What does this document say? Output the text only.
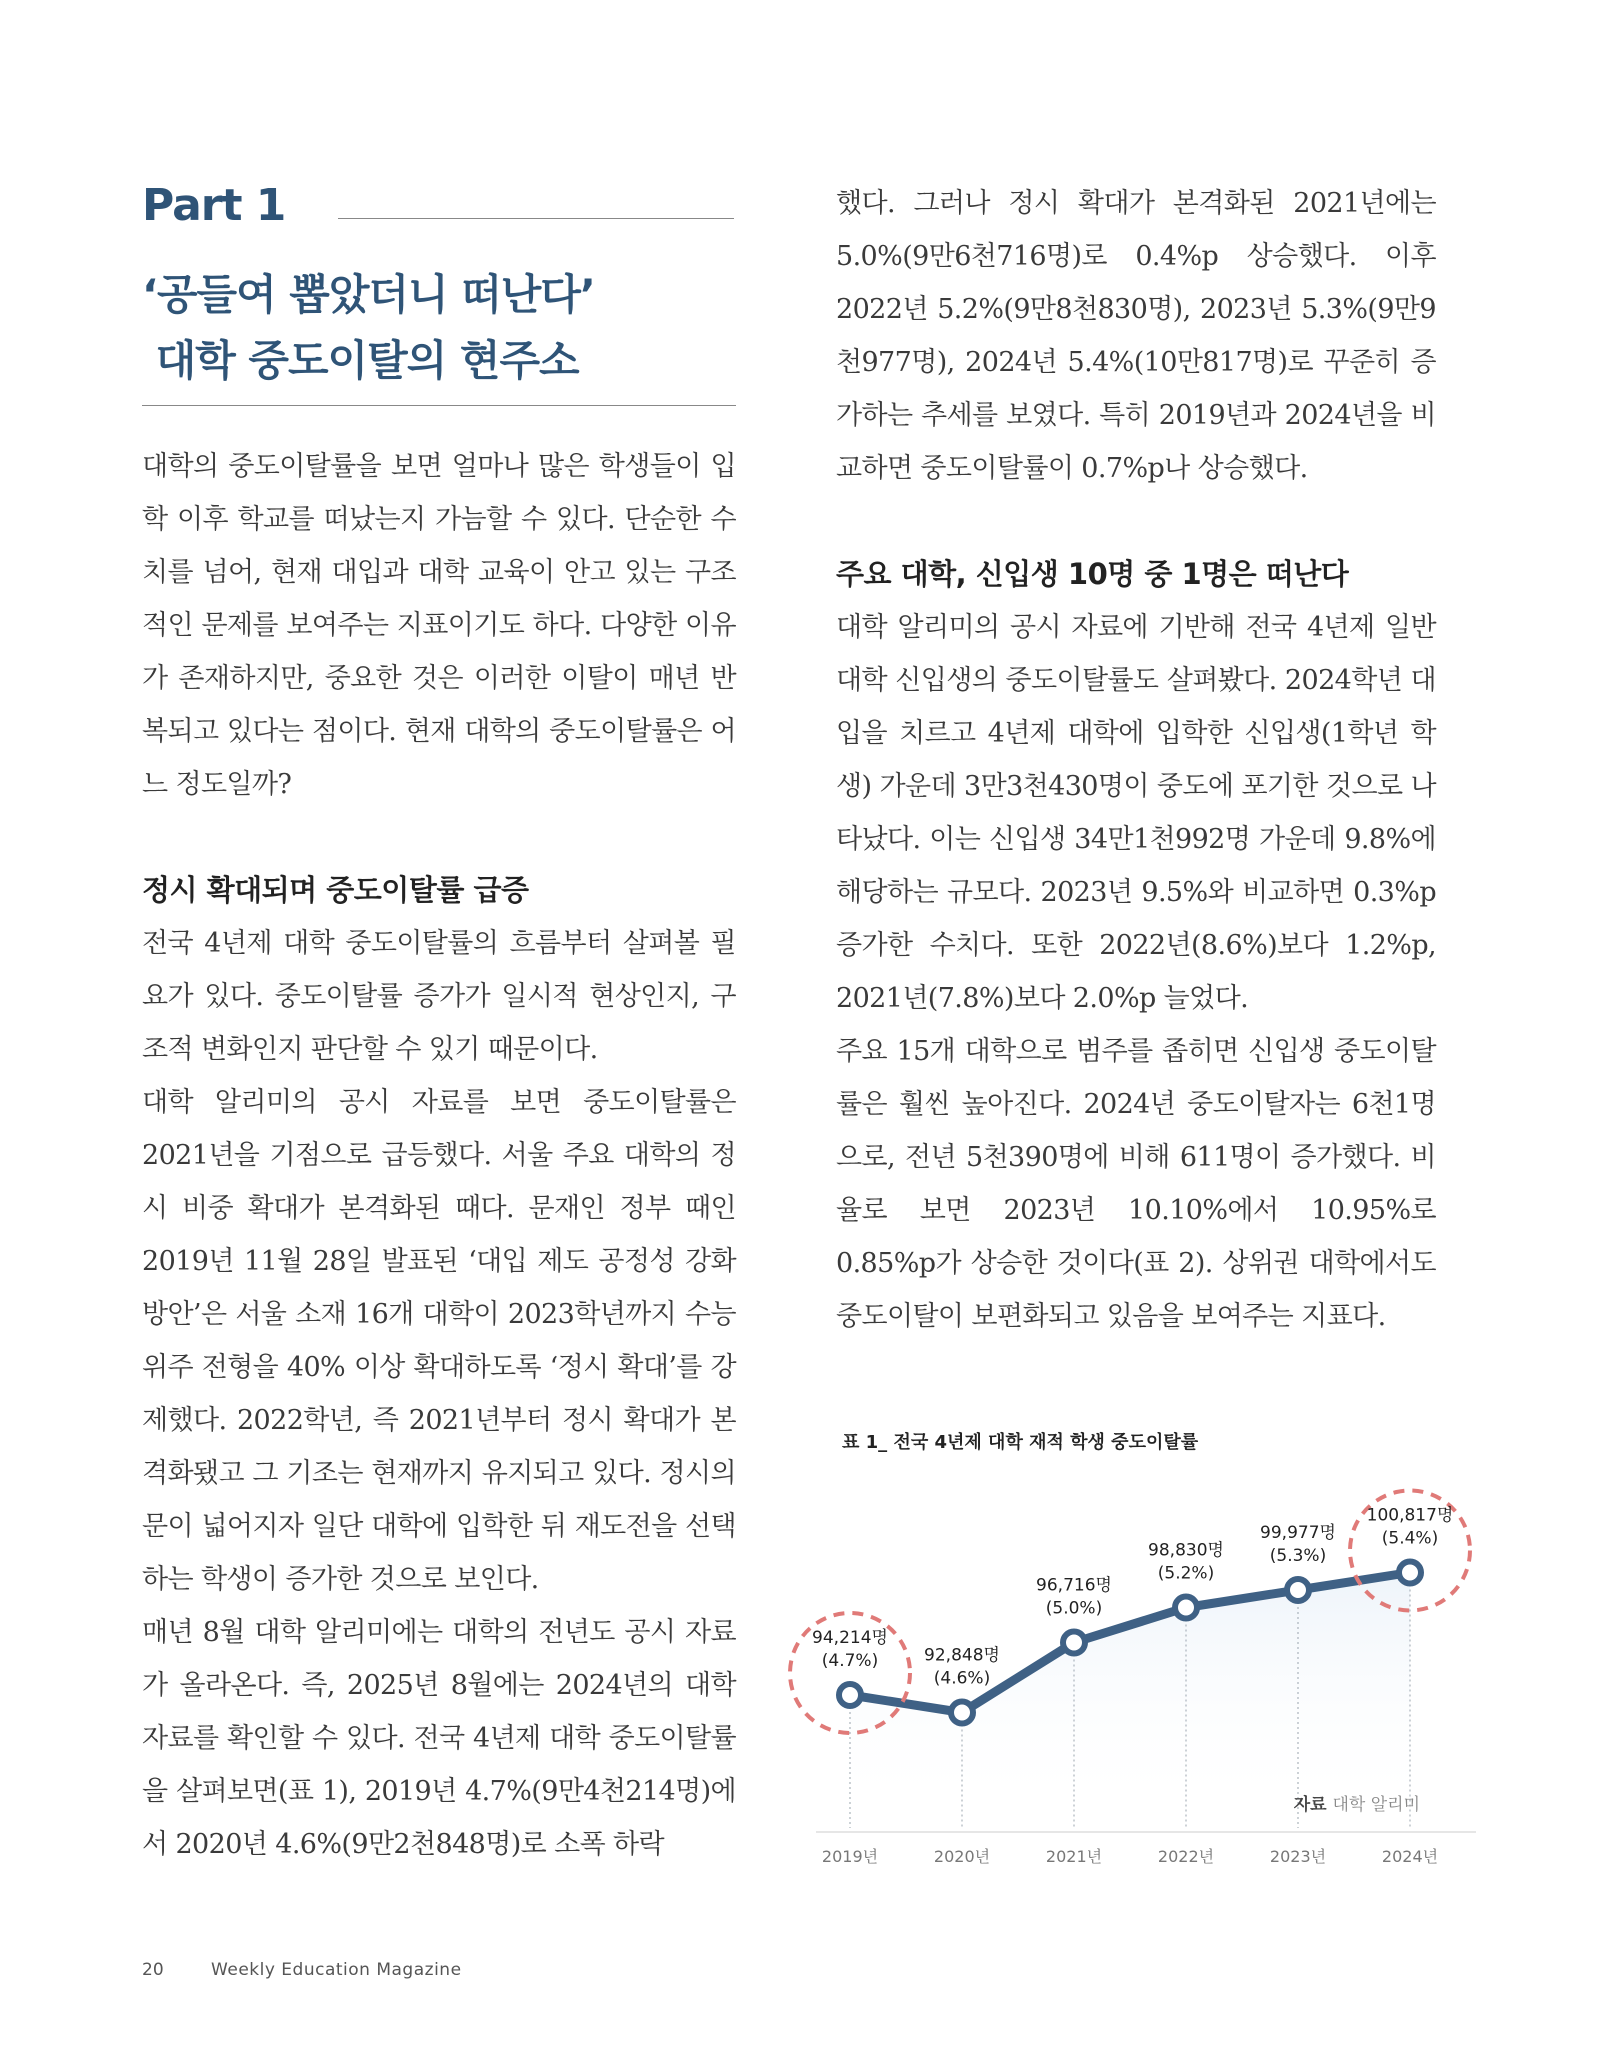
Part 1
‘공들여 뽑았더니 떠난다’
대학 중도이탈의 현주소

대학의 중도이탈률을 보면 얼마나 많은 학생들이 입학 이후 학교를 떠났는지 가늠할 수 있다. 단순한 수치를 넘어, 현재 대입과 대학 교육이 안고 있는 구조적인 문제를 보여주는 지표이기도 하다. 다양한 이유가 존재하지만, 중요한 것은 이러한 이탈이 매년 반복되고 있다는 점이다. 현재 대학의 중도이탈률은 어느 정도일까?

정시 확대되며 중도이탈률 급증

전국 4년제 대학 중도이탈률의 흐름부터 살펴볼 필요가 있다. 중도이탈률 증가가 일시적 현상인지, 구조적 변화인지 판단할 수 있기 때문이다.

대학 알리미의 공시 자료를 보면 중도이탈률은 2021년을 기점으로 급등했다. 서울 주요 대학의 정시 비중 확대가 본격화된 때다. 문재인 정부 때인 2019년 11월 28일 발표된 ‘대입 제도 공정성 강화 방안’은 서울 소재 16개 대학이 2023학년까지 수능 위주 전형을 40% 이상 확대하도록 ‘정시 확대’를 강제했다. 2022학년, 즉 2021년부터 정시 확대가 본격화됐고 그 기조는 현재까지 유지되고 있다. 정시의 문이 넓어지자 일단 대학에 입학한 뒤 재도전을 선택하는 학생이 증가한 것으로 보인다.

매년 8월 대학 알리미에는 대학의 전년도 공시 자료가 올라온다. 즉, 2025년 8월에는 2024년의 대학 자료를 확인할 수 있다. 전국 4년제 대학 중도이탈률을 살펴보면(표 1), 2019년 4.7%(9만4천214명)에서 2020년 4.6%(9만2천848명)로 소폭 하락

했다. 그러나 정시 확대가 본격화된 2021년에는 5.0%(9만6천716명)로 0.4%p 상승했다. 이후 2022년 5.2%(9만8천830명), 2023년 5.3%(9만9천977명), 2024년 5.4%(10만817명)로 꾸준히 증가하는 추세를 보였다. 특히 2019년과 2024년을 비교하면 중도이탈률이 0.7%p나 상승했다.

주요 대학, 신입생 10명 중 1명은 떠난다

대학 알리미의 공시 자료에 기반해 전국 4년제 일반대학 신입생의 중도이탈률도 살펴봤다. 2024학년 대입을 치르고 4년제 대학에 입학한 신입생(1학년 학생) 가운데 3만3천430명이 중도에 포기한 것으로 나타났다. 이는 신입생 34만1천992명 가운데 9.8%에 해당하는 규모다. 2023년 9.5%와 비교하면 0.3%p 증가한 수치다. 또한 2022년(8.6%)보다 1.2%p, 2021년(7.8%)보다 2.0%p 늘었다.

주요 15개 대학으로 범주를 좁히면 신입생 중도이탈률은 훨씬 높아진다. 2024년 중도이탈자는 6천1명으로, 전년 5천390명에 비해 611명이 증가했다. 비율로 보면 2023년 10.10%에서 10.95%로 0.85%p가 상승한 것이다(표 2). 상위권 대학에서도 중도이탈이 보편화되고 있음을 보여주는 지표다.

표 1_ 전국 4년제 대학 재적 학생 중도이탈률
94,214명
(4.7%)	92,848명
(4.6%)
96,716명
(5.0%)
98,830명
(5.2%)
99,977명
(5.3%)
100,817명
(5.4%)
2019년	2020년	2021년	2022년	2023년	2024년
자료 대학 알리미
20	Weekly Education Magazine
